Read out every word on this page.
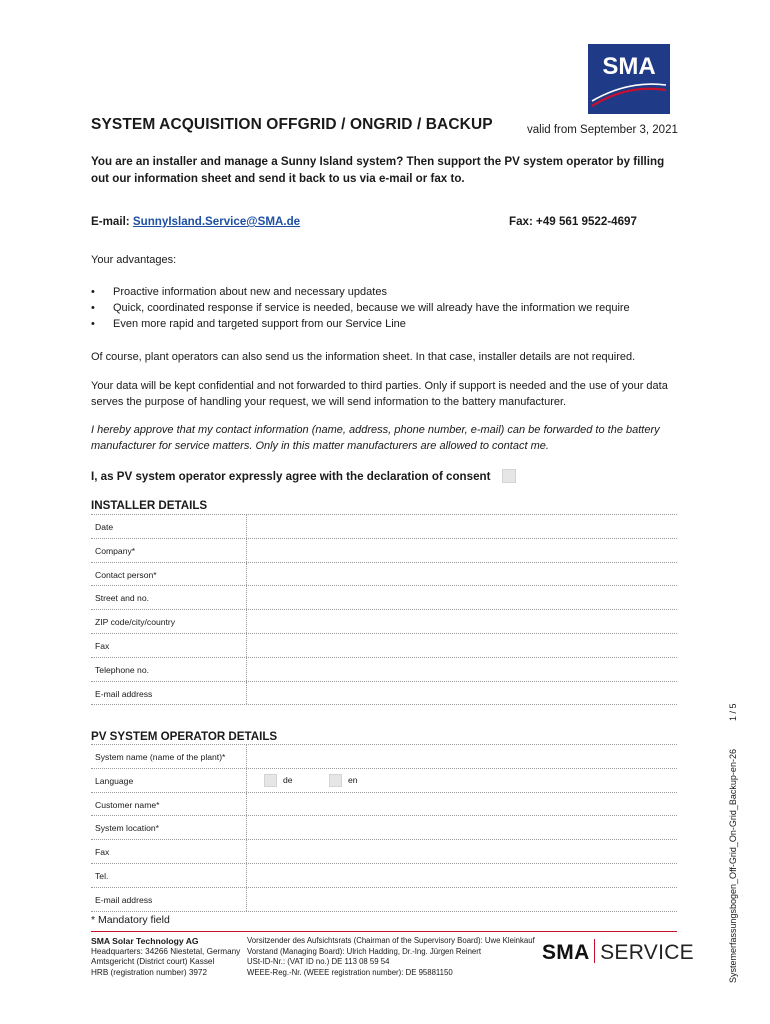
SMA
SYSTEM ACQUISITION OFFGRID / ONGRID / BACKUP	valid from September 3, 2021
You are an installer and manage a Sunny Island system? Then support the PV system operator by filling out our information sheet and send it back to us via e-mail or fax to.
E-mail: SunnyIsland.Service@SMA.de	Fax: +49 561 9522-4697
Your advantages:
• Proactive information about new and necessary updates
• Quick, coordinated response if service is needed, because we will already have the information we require
• Even more rapid and targeted support from our Service Line
Of course, plant operators can also send us the information sheet. In that case, installer details are not required.
Your data will be kept confidential and not forwarded to third parties. Only if support is needed and the use of your data serves the purpose of handling your request, we will send information to the battery manufacturer.
I hereby approve that my contact information (name, address, phone number, e-mail) can be forwarded to the battery manufacturer for service matters. Only in this matter manufacturers are allowed to contact me.
I, as PV system operator expressly agree with the declaration of consent
INSTALLER DETAILS
Date
Company*
Contact person*
Street and no.
ZIP code/city/country
Fax
Telephone no.
E-mail address
PV SYSTEM OPERATOR DETAILS
System name (name of the plant)*
Language	de	en
Customer name*
System location*
Fax
Tel.
E-mail address
* Mandatory field
SMA Solar Technology AG
Headquarters: 34266 Niestetal, Germany
Amtsgericht (District court) Kassel
HRB (registration number) 3972
Vorsitzender des Aufsichtsrats (Chairman of the Supervisory Board): Uwe Kleinkauf
Vorstand (Managing Board): Ulrich Hadding, Dr.-Ing. Jürgen Reinert
USt-ID-Nr.: (VAT ID no.) DE 113 08 59 54
WEEE-Reg.-Nr. (WEEE registration number): DE 95881150
SMA SERVICE	Systemerfassungsbogen_Off-Grid_On-Grid_Backup-en-261 / 5
